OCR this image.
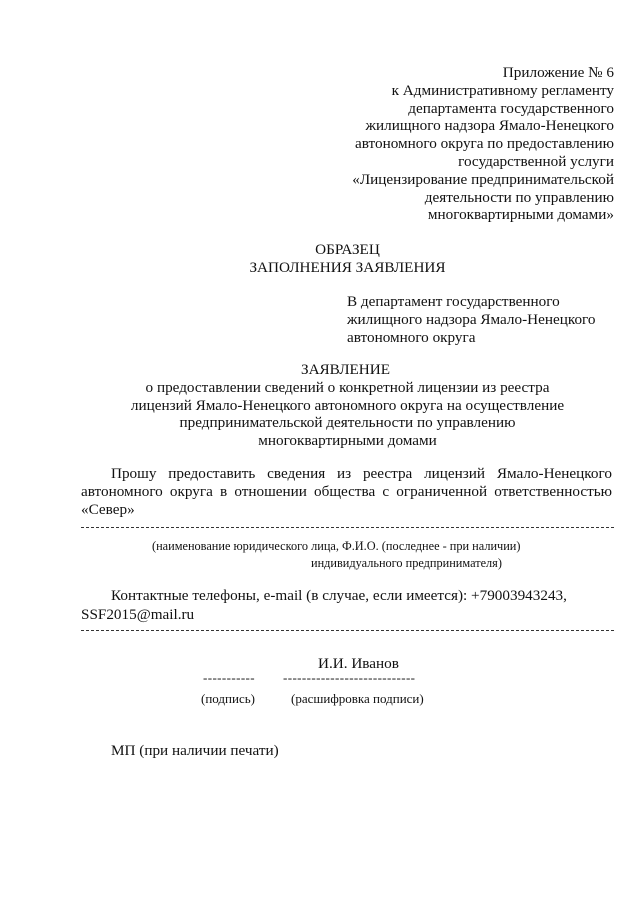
Приложение № 6
к Административному регламенту
департамента государственного
жилищного надзора Ямало-Ненецкого
автономного округа по предоставлению
государственной услуги
«Лицензирование предпринимательской
деятельности по управлению
многоквартирными домами»
ОБРАЗЕЦ
ЗАПОЛНЕНИЯ ЗАЯВЛЕНИЯ
В департамент государственного
жилищного надзора Ямало-Ненецкого
автономного округа
ЗАЯВЛЕНИЕ
о предоставлении сведений о конкретной лицензии из реестра
лицензий Ямало-Ненецкого автономного округа на осуществление
предпринимательской деятельности по управлению
многоквартирными домами
Прошу предоставить сведения из реестра лицензий Ямало-Ненецкого
автономного округа в отношении общества с ограниченной ответственностью
«Север»
(наименование юридического лица, Ф.И.О. (последнее - при наличии)
индивидуального предпринимателя)
Контактные телефоны, e-mail (в случае, если имеется): +79003943243,
SSF2015@mail.ru
И.И. Иванов
----------- ----------------------------
(подпись)	(расшифровка подписи)
МП (при наличии печати)
